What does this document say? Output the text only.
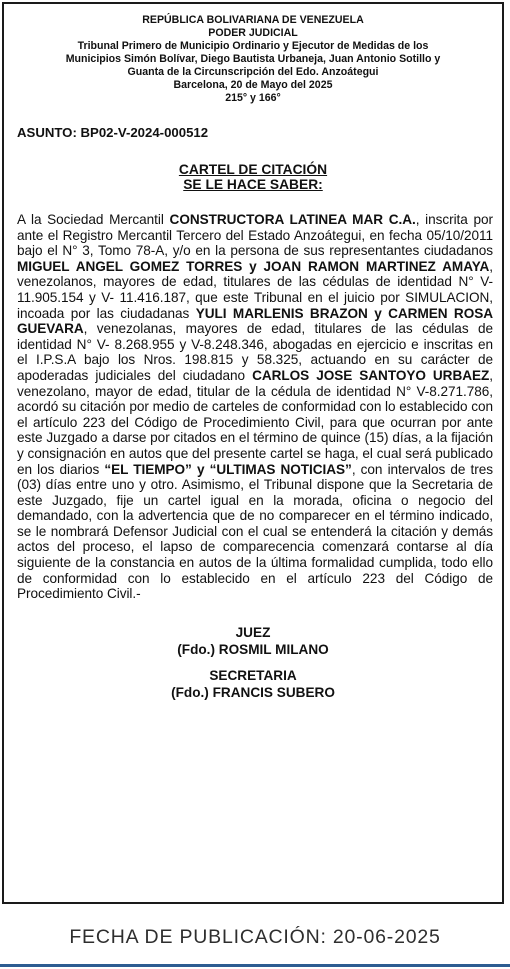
REPÚBLICA BOLIVARIANA DE VENEZUELA
PODER JUDICIAL
Tribunal Primero de Municipio Ordinario y Ejecutor de Medidas de los
Municipios Simón Bolívar, Diego Bautista Urbaneja, Juan Antonio Sotillo y
Guanta de la Circunscripción del Edo. Anzoátegui
Barcelona, 20 de Mayo del 2025
215° y 166°
ASUNTO: BP02-V-2024-000512
CARTEL DE CITACIÓN
SE LE HACE SABER:
A la Sociedad Mercantil CONSTRUCTORA LATINEA MAR C.A., inscrita por ante el Registro Mercantil Tercero del Estado Anzoátegui, en fecha 05/10/2011 bajo el N° 3, Tomo 78-A, y/o en la persona de sus representantes ciudadanos MIGUEL ANGEL GOMEZ TORRES y JOAN RAMON MARTINEZ AMAYA, venezolanos, mayores de edad, titulares de las cédulas de identidad N° V- 11.905.154 y V- 11.416.187, que este Tribunal en el juicio por SIMULACION, incoada por las ciudadanas YULI MARLENIS BRAZON y CARMEN ROSA GUEVARA, venezolanas, mayores de edad, titulares de las cédulas de identidad N° V- 8.268.955 y V-8.248.346, abogadas en ejercicio e inscritas en el I.P.S.A bajo los Nros. 198.815 y 58.325, actuando en su carácter de apoderadas judiciales del ciudadano CARLOS JOSE SANTOYO URBAEZ, venezolano, mayor de edad, titular de la cédula de identidad N° V-8.271.786, acordó su citación por medio de carteles de conformidad con lo establecido con el artículo 223 del Código de Procedimiento Civil, para que ocurran por ante este Juzgado a darse por citados en el término de quince (15) días, a la fijación y consignación en autos que del presente cartel se haga, el cual será publicado en los diarios “EL TIEMPO” y “ULTIMAS NOTICIAS”, con intervalos de tres (03) días entre uno y otro. Asimismo, el Tribunal dispone que la Secretaria de este Juzgado, fije un cartel igual en la morada, oficina o negocio del demandado, con la advertencia que de no comparecer en el término indicado, se le nombrará Defensor Judicial con el cual se entenderá la citación y demás actos del proceso, el lapso de comparecencia comenzará contarse al día siguiente de la constancia en autos de la última formalidad cumplida, todo ello de conformidad con lo establecido en el artículo 223 del Código de Procedimiento Civil.-
JUEZ
(Fdo.) ROSMIL MILANO
SECRETARIA
(Fdo.) FRANCIS SUBERO
FECHA DE PUBLICACIÓN: 20-06-2025
